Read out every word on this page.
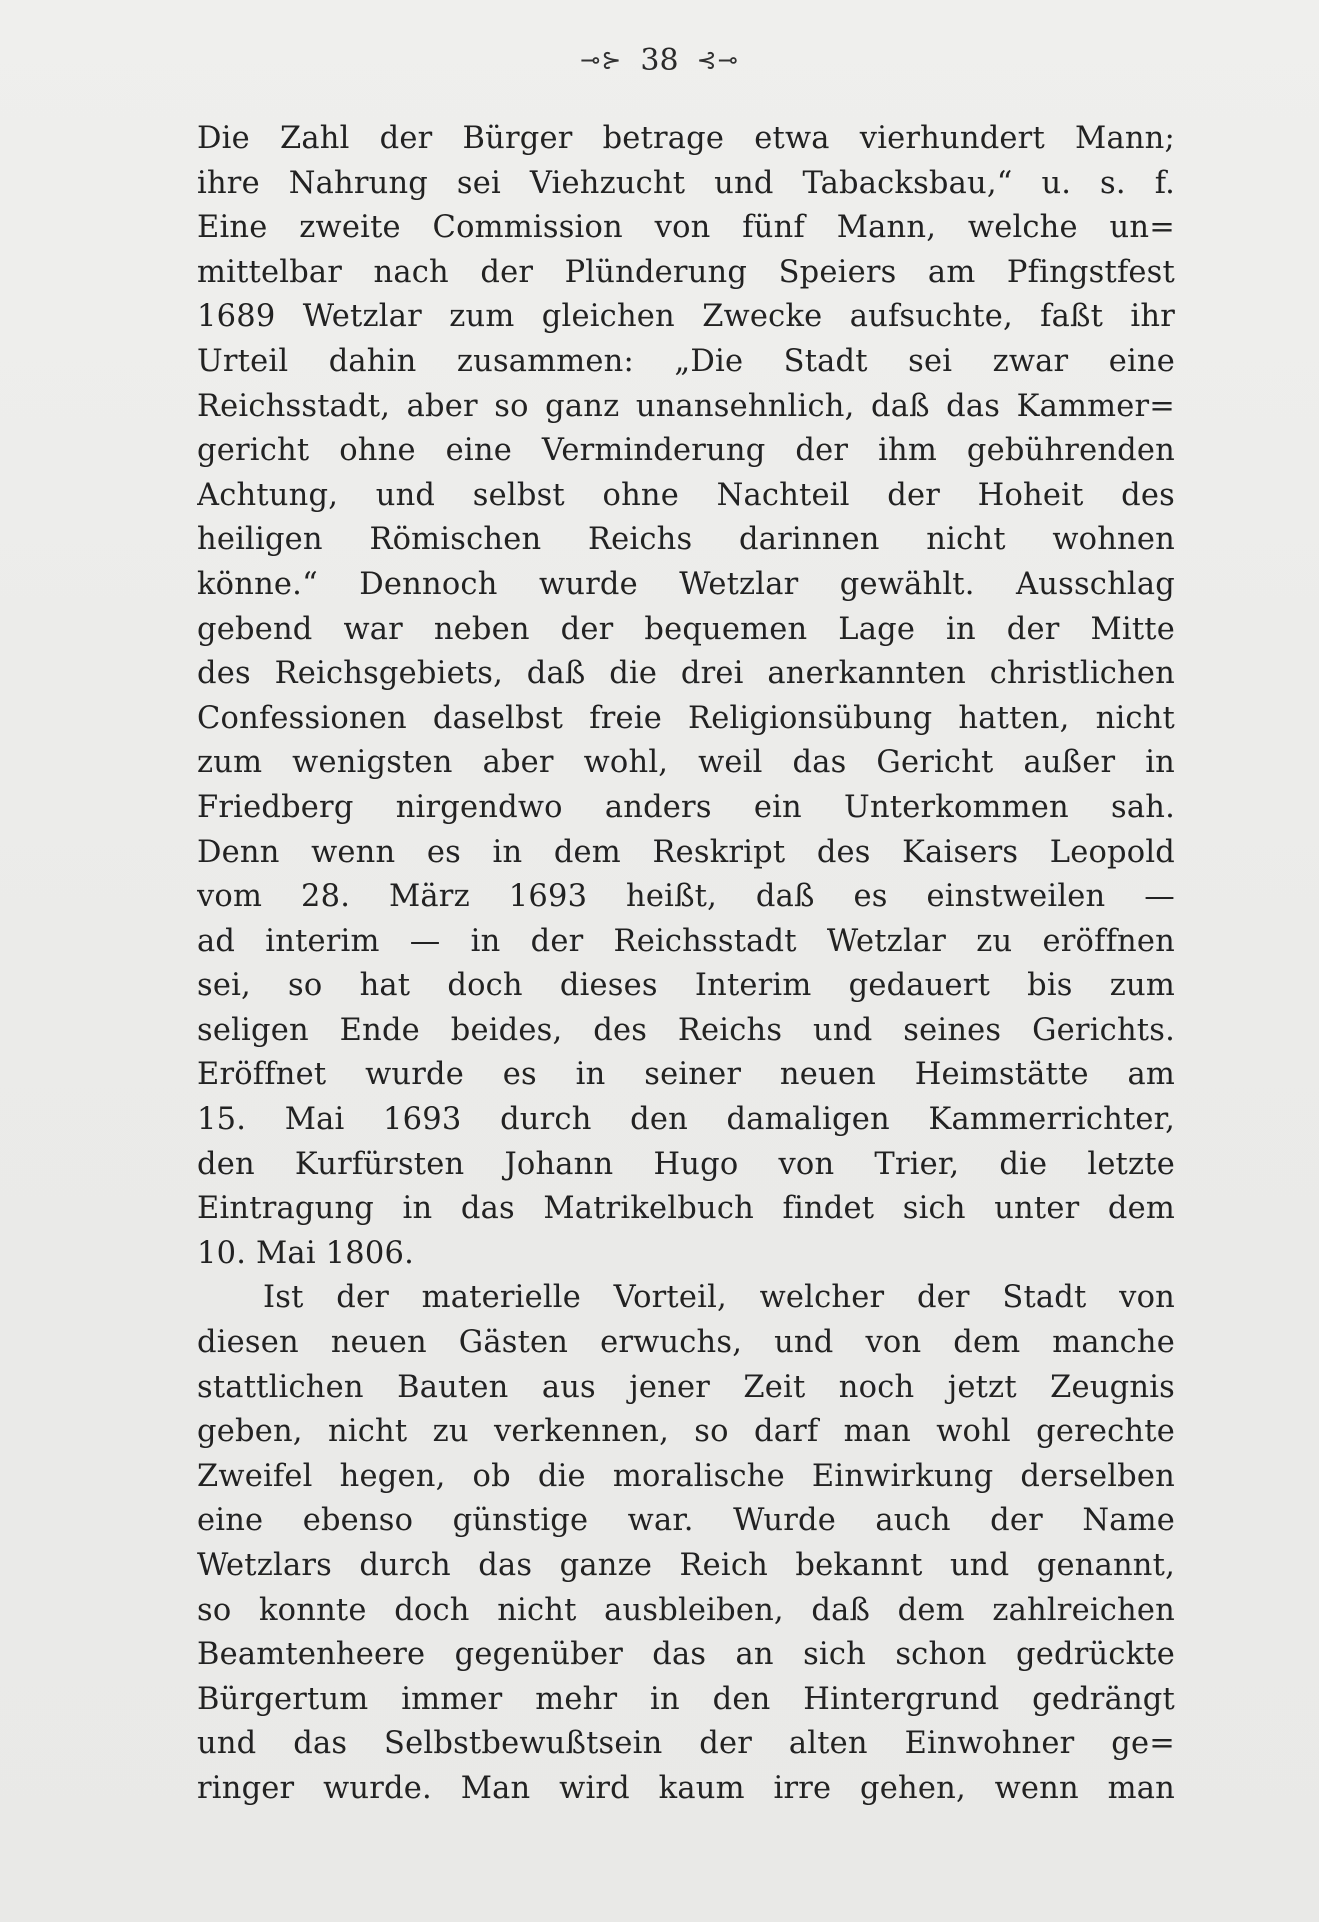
⊸⊱ 38 ⊰⊸
Die Zahl der Bürger betrage etwa vierhundert Mann;
ihre Nahrung sei Viehzucht und Tabacksbau,“ u. s. f.
Eine zweite Commission von fünf Mann, welche un=
mittelbar nach der Plünderung Speiers am Pfingstfest
1689 Wetzlar zum gleichen Zwecke aufsuchte, faßt ihr
Urteil dahin zusammen: „Die Stadt sei zwar eine
Reichsstadt, aber so ganz unansehnlich, daß das Kammer=
gericht ohne eine Verminderung der ihm gebührenden
Achtung, und selbst ohne Nachteil der Hoheit des
heiligen Römischen Reichs darinnen nicht wohnen
könne.“ Dennoch wurde Wetzlar gewählt. Ausschlag
gebend war neben der bequemen Lage in der Mitte
des Reichsgebiets, daß die drei anerkannten christlichen
Confessionen daselbst freie Religionsübung hatten, nicht
zum wenigsten aber wohl, weil das Gericht außer in
Friedberg nirgendwo anders ein Unterkommen sah.
Denn wenn es in dem Reskript des Kaisers Leopold
vom 28. März 1693 heißt, daß es einstweilen —
ad interim — in der Reichsstadt Wetzlar zu eröffnen
sei, so hat doch dieses Interim gedauert bis zum
seligen Ende beides, des Reichs und seines Gerichts.
Eröffnet wurde es in seiner neuen Heimstätte am
15. Mai 1693 durch den damaligen Kammerrichter,
den Kurfürsten Johann Hugo von Trier, die letzte
Eintragung in das Matrikelbuch findet sich unter dem
10. Mai 1806.
Ist der materielle Vorteil, welcher der Stadt von
diesen neuen Gästen erwuchs, und von dem manche
stattlichen Bauten aus jener Zeit noch jetzt Zeugnis
geben, nicht zu verkennen, so darf man wohl gerechte
Zweifel hegen, ob die moralische Einwirkung derselben
eine ebenso günstige war. Wurde auch der Name
Wetzlars durch das ganze Reich bekannt und genannt,
so konnte doch nicht ausbleiben, daß dem zahlreichen
Beamtenheere gegenüber das an sich schon gedrückte
Bürgertum immer mehr in den Hintergrund gedrängt
und das Selbstbewußtsein der alten Einwohner ge=
ringer wurde. Man wird kaum irre gehen, wenn man
